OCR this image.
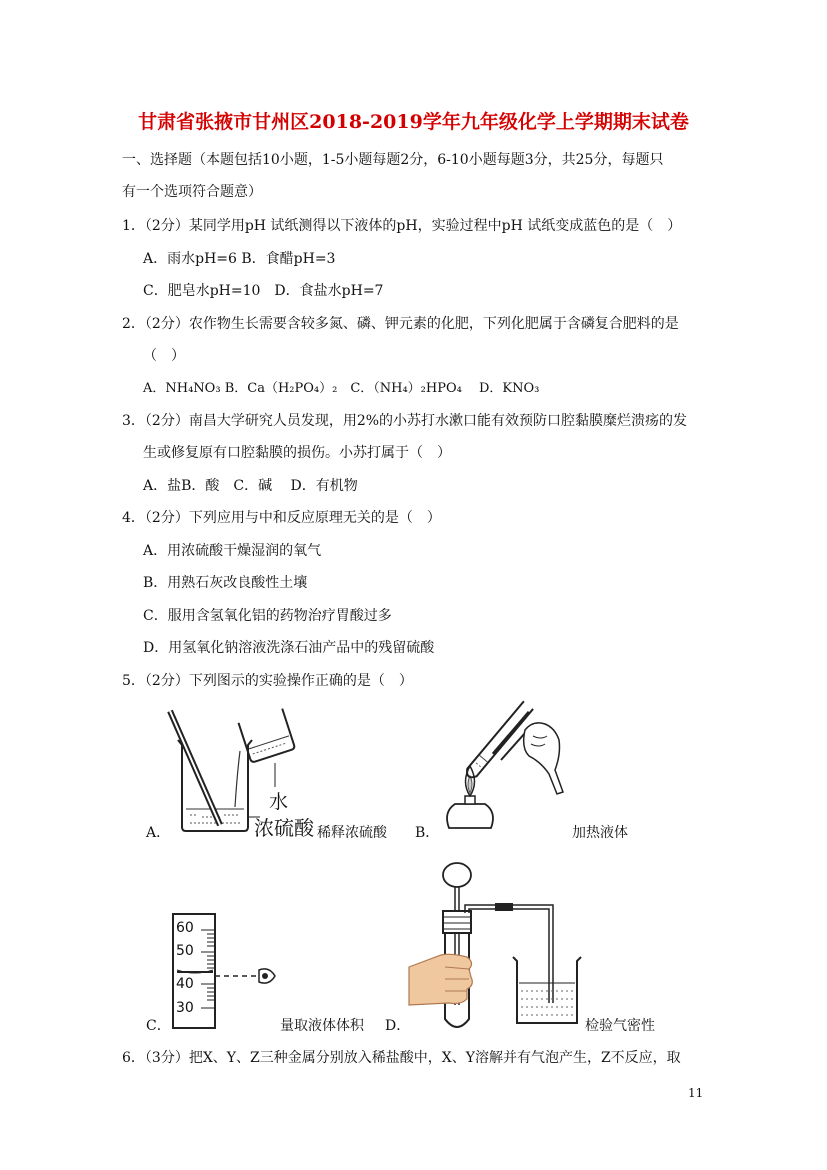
甘肃省张掖市甘州区2018-2019学年九年级化学上学期期末试卷
一、选择题（本题包括10小题，1-5小题每题2分，6-10小题每题3分，共25分，每题只
有一个选项符合题意）
1．（2分）某同学用pH 试纸测得以下液体的pH，实验过程中pH 试纸变成蓝色的是（　）
A．雨水pH=6 B．食醋pH=3
C．肥皂水pH=10　D．食盐水pH=7
2．（2分）农作物生长需要含较多氮、磷、钾元素的化肥，下列化肥属于含磷复合肥料的是
（　）
A．NH₄NO₃ B．Ca（H₂PO₄）₂　C．（NH₄）₂HPO₄　 D．KNO₃
3．（2分）南昌大学研究人员发现，用2%的小苏打水漱口能有效预防口腔黏膜糜烂溃疡的发
生或修复原有口腔黏膜的损伤。小苏打属于（　）
A．盐B．酸　C．碱　 D．有机物
4．（2分）下列应用与中和反应原理无关的是（　）
A．用浓硫酸干燥湿润的氧气
B．用熟石灰改良酸性土壤
C．服用含氢氧化铝的药物治疗胃酸过多
D．用氢氧化钠溶液洗涤石油产品中的残留硫酸
5．（2分）下列图示的实验操作正确的是（　）
A．
水
浓硫酸 稀释浓硫酸 B．	加热液体
C．
60
50
40
30
量取液体体积 D．	检验气密性
6．（3分）把X、Y、Z三种金属分别放入稀盐酸中，X、Y溶解并有气泡产生，Z不反应，取
11
